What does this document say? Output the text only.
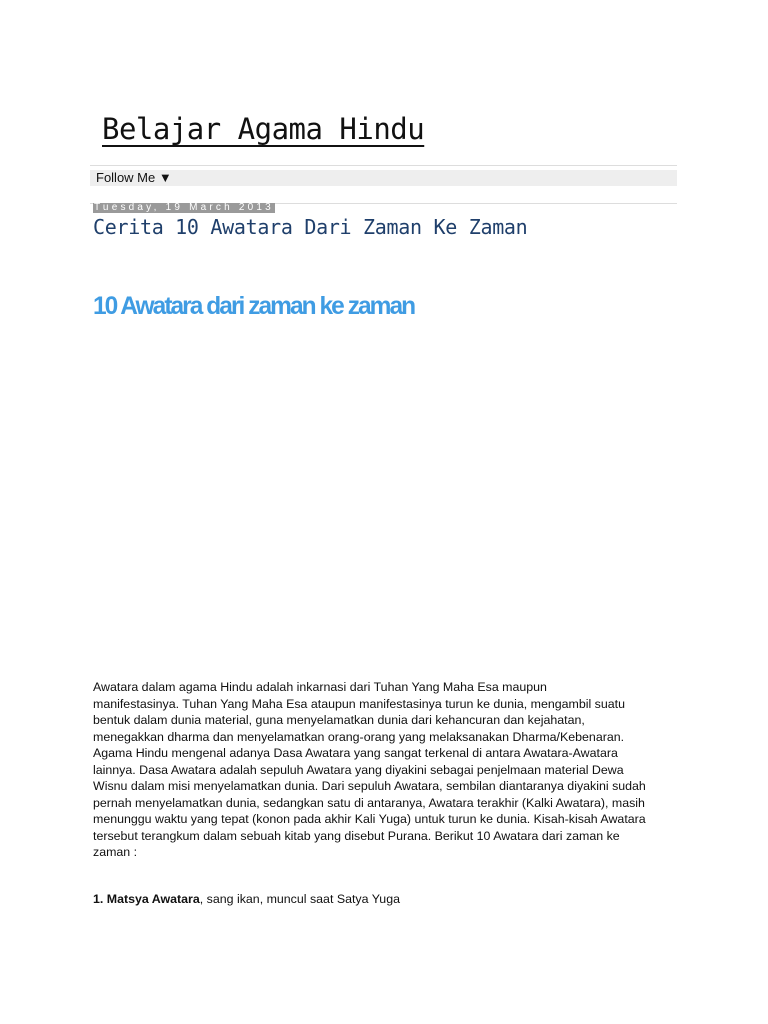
Belajar Agama Hindu
Follow Me ▼
Tuesday, 19 March 2013
Cerita 10 Awatara Dari Zaman Ke Zaman
10 Awatara dari zaman ke zaman
Awatara dalam agama Hindu adalah inkarnasi dari Tuhan Yang Maha Esa maupun
manifestasinya. Tuhan Yang Maha Esa ataupun manifestasinya turun ke dunia, mengambil suatu
bentuk dalam dunia material, guna menyelamatkan dunia dari kehancuran dan kejahatan,
menegakkan dharma dan menyelamatkan orang-orang yang melaksanakan Dharma/Kebenaran.
Agama Hindu mengenal adanya Dasa Awatara yang sangat terkenal di antara Awatara-Awatara
lainnya. Dasa Awatara adalah sepuluh Awatara yang diyakini sebagai penjelmaan material Dewa
Wisnu dalam misi menyelamatkan dunia. Dari sepuluh Awatara, sembilan diantaranya diyakini sudah
pernah menyelamatkan dunia, sedangkan satu di antaranya, Awatara terakhir (Kalki Awatara), masih
menunggu waktu yang tepat (konon pada akhir Kali Yuga) untuk turun ke dunia. Kisah-kisah Awatara
tersebut terangkum dalam sebuah kitab yang disebut Purana. Berikut 10 Awatara dari zaman ke
zaman :
1. Matsya Awatara, sang ikan, muncul saat Satya Yuga
